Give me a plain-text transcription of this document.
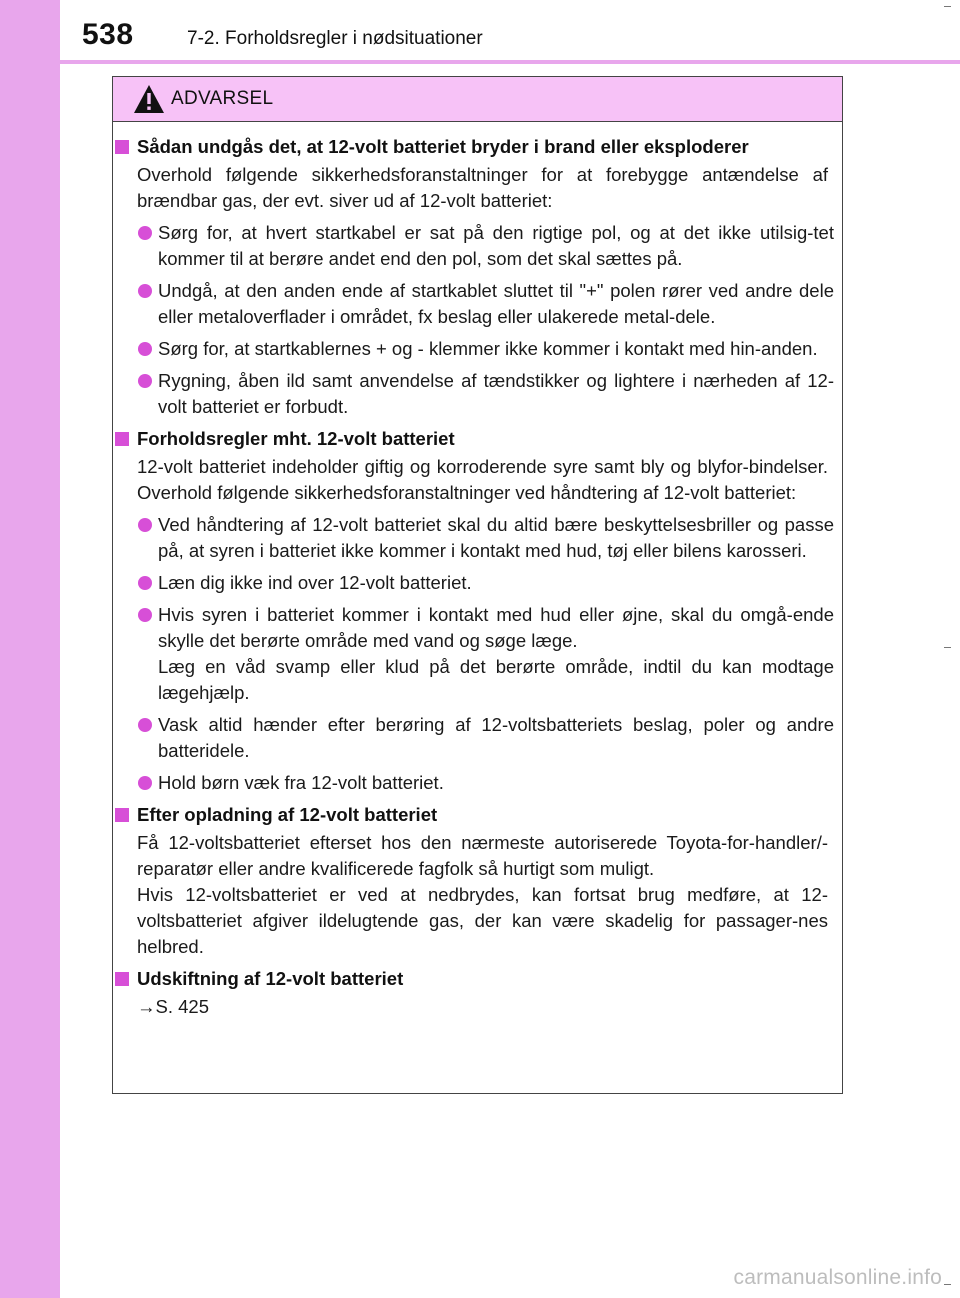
538	7-2. Forholdsregler i nødsituationer
ADVARSEL
Sådan undgås det, at 12-volt batteriet bryder i brand eller eksploderer
Overhold følgende sikkerhedsforanstaltninger for at forebygge antændelse af brændbar gas, der evt. siver ud af 12-volt batteriet:
Sørg for, at hvert startkabel er sat på den rigtige pol, og at det ikke utilsig-tet kommer til at berøre andet end den pol, som det skal sættes på.
Undgå, at den anden ende af startkablet sluttet til "+" polen rører ved andre dele eller metaloverflader i området, fx beslag eller ulakerede metal-dele.
Sørg for, at startkablernes + og - klemmer ikke kommer i kontakt med hin-anden.
Rygning, åben ild samt anvendelse af tændstikker og lightere i nærheden af 12-volt batteriet er forbudt.
Forholdsregler mht. 12-volt batteriet
12-volt batteriet indeholder giftig og korroderende syre samt bly og blyfor-bindelser. Overhold følgende sikkerhedsforanstaltninger ved håndtering af 12-volt batteriet:
Ved håndtering af 12-volt batteriet skal du altid bære beskyttelsesbriller og passe på, at syren i batteriet ikke kommer i kontakt med hud, tøj eller bilens karosseri.
Læn dig ikke ind over 12-volt batteriet.
Hvis syren i batteriet kommer i kontakt med hud eller øjne, skal du omgå-ende skylle det berørte område med vand og søge læge.
Læg en våd svamp eller klud på det berørte område, indtil du kan modtage lægehjælp.
Vask altid hænder efter berøring af 12-voltsbatteriets beslag, poler og andre batteridele.
Hold børn væk fra 12-volt batteriet.
Efter opladning af 12-volt batteriet
Få 12-voltsbatteriet efterset hos den nærmeste autoriserede Toyota-for-handler/-reparatør eller andre kvalificerede fagfolk så hurtigt som muligt.
Hvis 12-voltsbatteriet er ved at nedbrydes, kan fortsat brug medføre, at 12-voltsbatteriet afgiver ildelugtende gas, der kan være skadelig for passager-nes helbred.
Udskiftning af 12-volt batteriet
→S. 425
carmanualsonline.info
